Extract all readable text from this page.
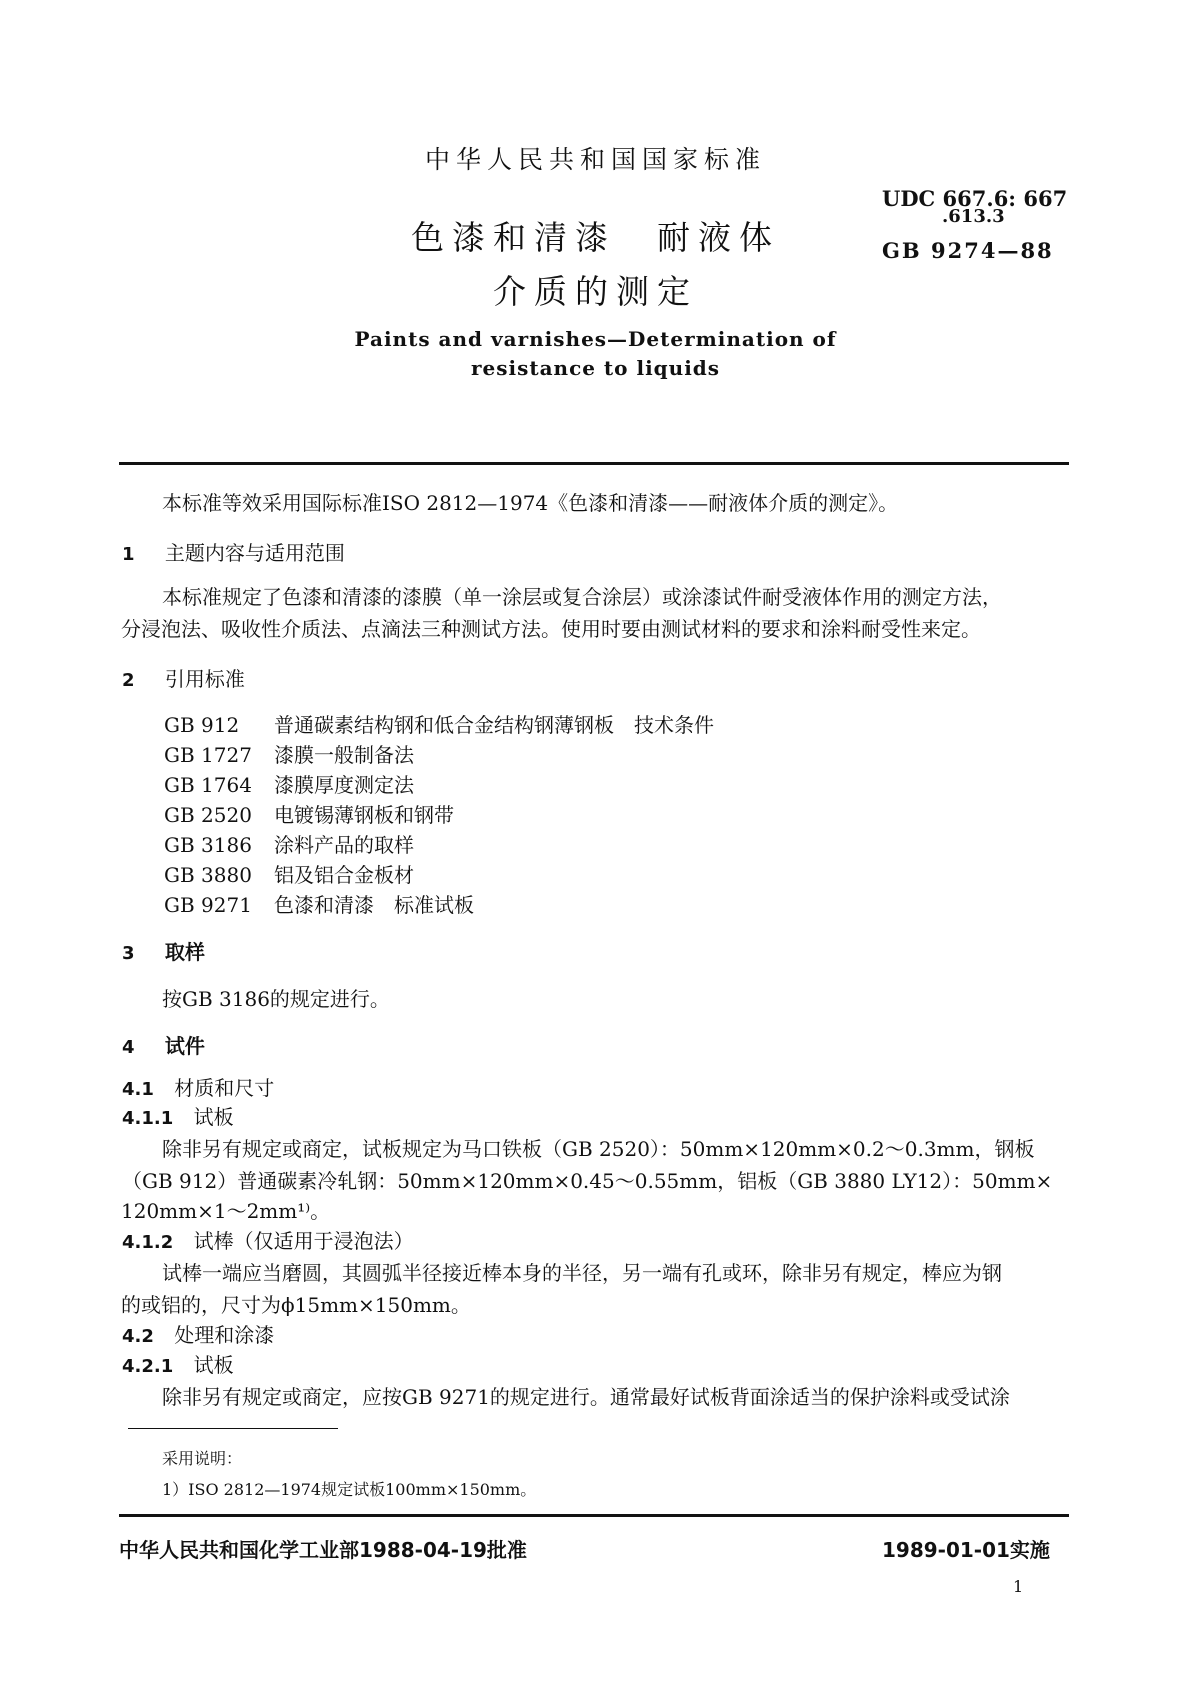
中华人民共和国国家标准
色漆和清漆　耐液体
介质的测定
Paints and varnishes—Determination of
resistance to liquids
UDC 667.6: 667
.613.3
GB 9274—88
本标准等效采用国际标准ISO 2812—1974《色漆和清漆——耐液体介质的测定》。
1 主题内容与适用范围
本标准规定了色漆和清漆的漆膜（单一涂层或复合涂层）或涂漆试件耐受液体作用的测定方法，
分浸泡法、吸收性介质法、点滴法三种测试方法。使用时要由测试材料的要求和涂料耐受性来定。
2 引用标准
GB 912 普通碳素结构钢和低合金结构钢薄钢板　技术条件
GB 1727 漆膜一般制备法
GB 1764 漆膜厚度测定法
GB 2520 电镀锡薄钢板和钢带
GB 3186 涂料产品的取样
GB 3880 铝及铝合金板材
GB 9271 色漆和清漆　标准试板
3 取样
按GB 3186的规定进行。
4 试件
4.1 材质和尺寸
4.1.1 试板
除非另有规定或商定，试板规定为马口铁板（GB 2520）：50mm×120mm×0.2～0.3mm，钢板
（GB 912）普通碳素冷轧钢：50mm×120mm×0.45～0.55mm，铝板（GB 3880 LY12）：50mm×
120mm×1～2mm¹⁾。
4.1.2 试棒（仅适用于浸泡法）
试棒一端应当磨圆，其圆弧半径接近棒本身的半径，另一端有孔或环，除非另有规定，棒应为钢
的或铝的，尺寸为ϕ15mm×150mm。
4.2 处理和涂漆
4.2.1 试板
除非另有规定或商定，应按GB 9271的规定进行。通常最好试板背面涂适当的保护涂料或受试涂
采用说明：
1）ISO 2812—1974规定试板100mm×150mm。
中华人民共和国化学工业部1988-04-19批准	1989-01-01实施
1
